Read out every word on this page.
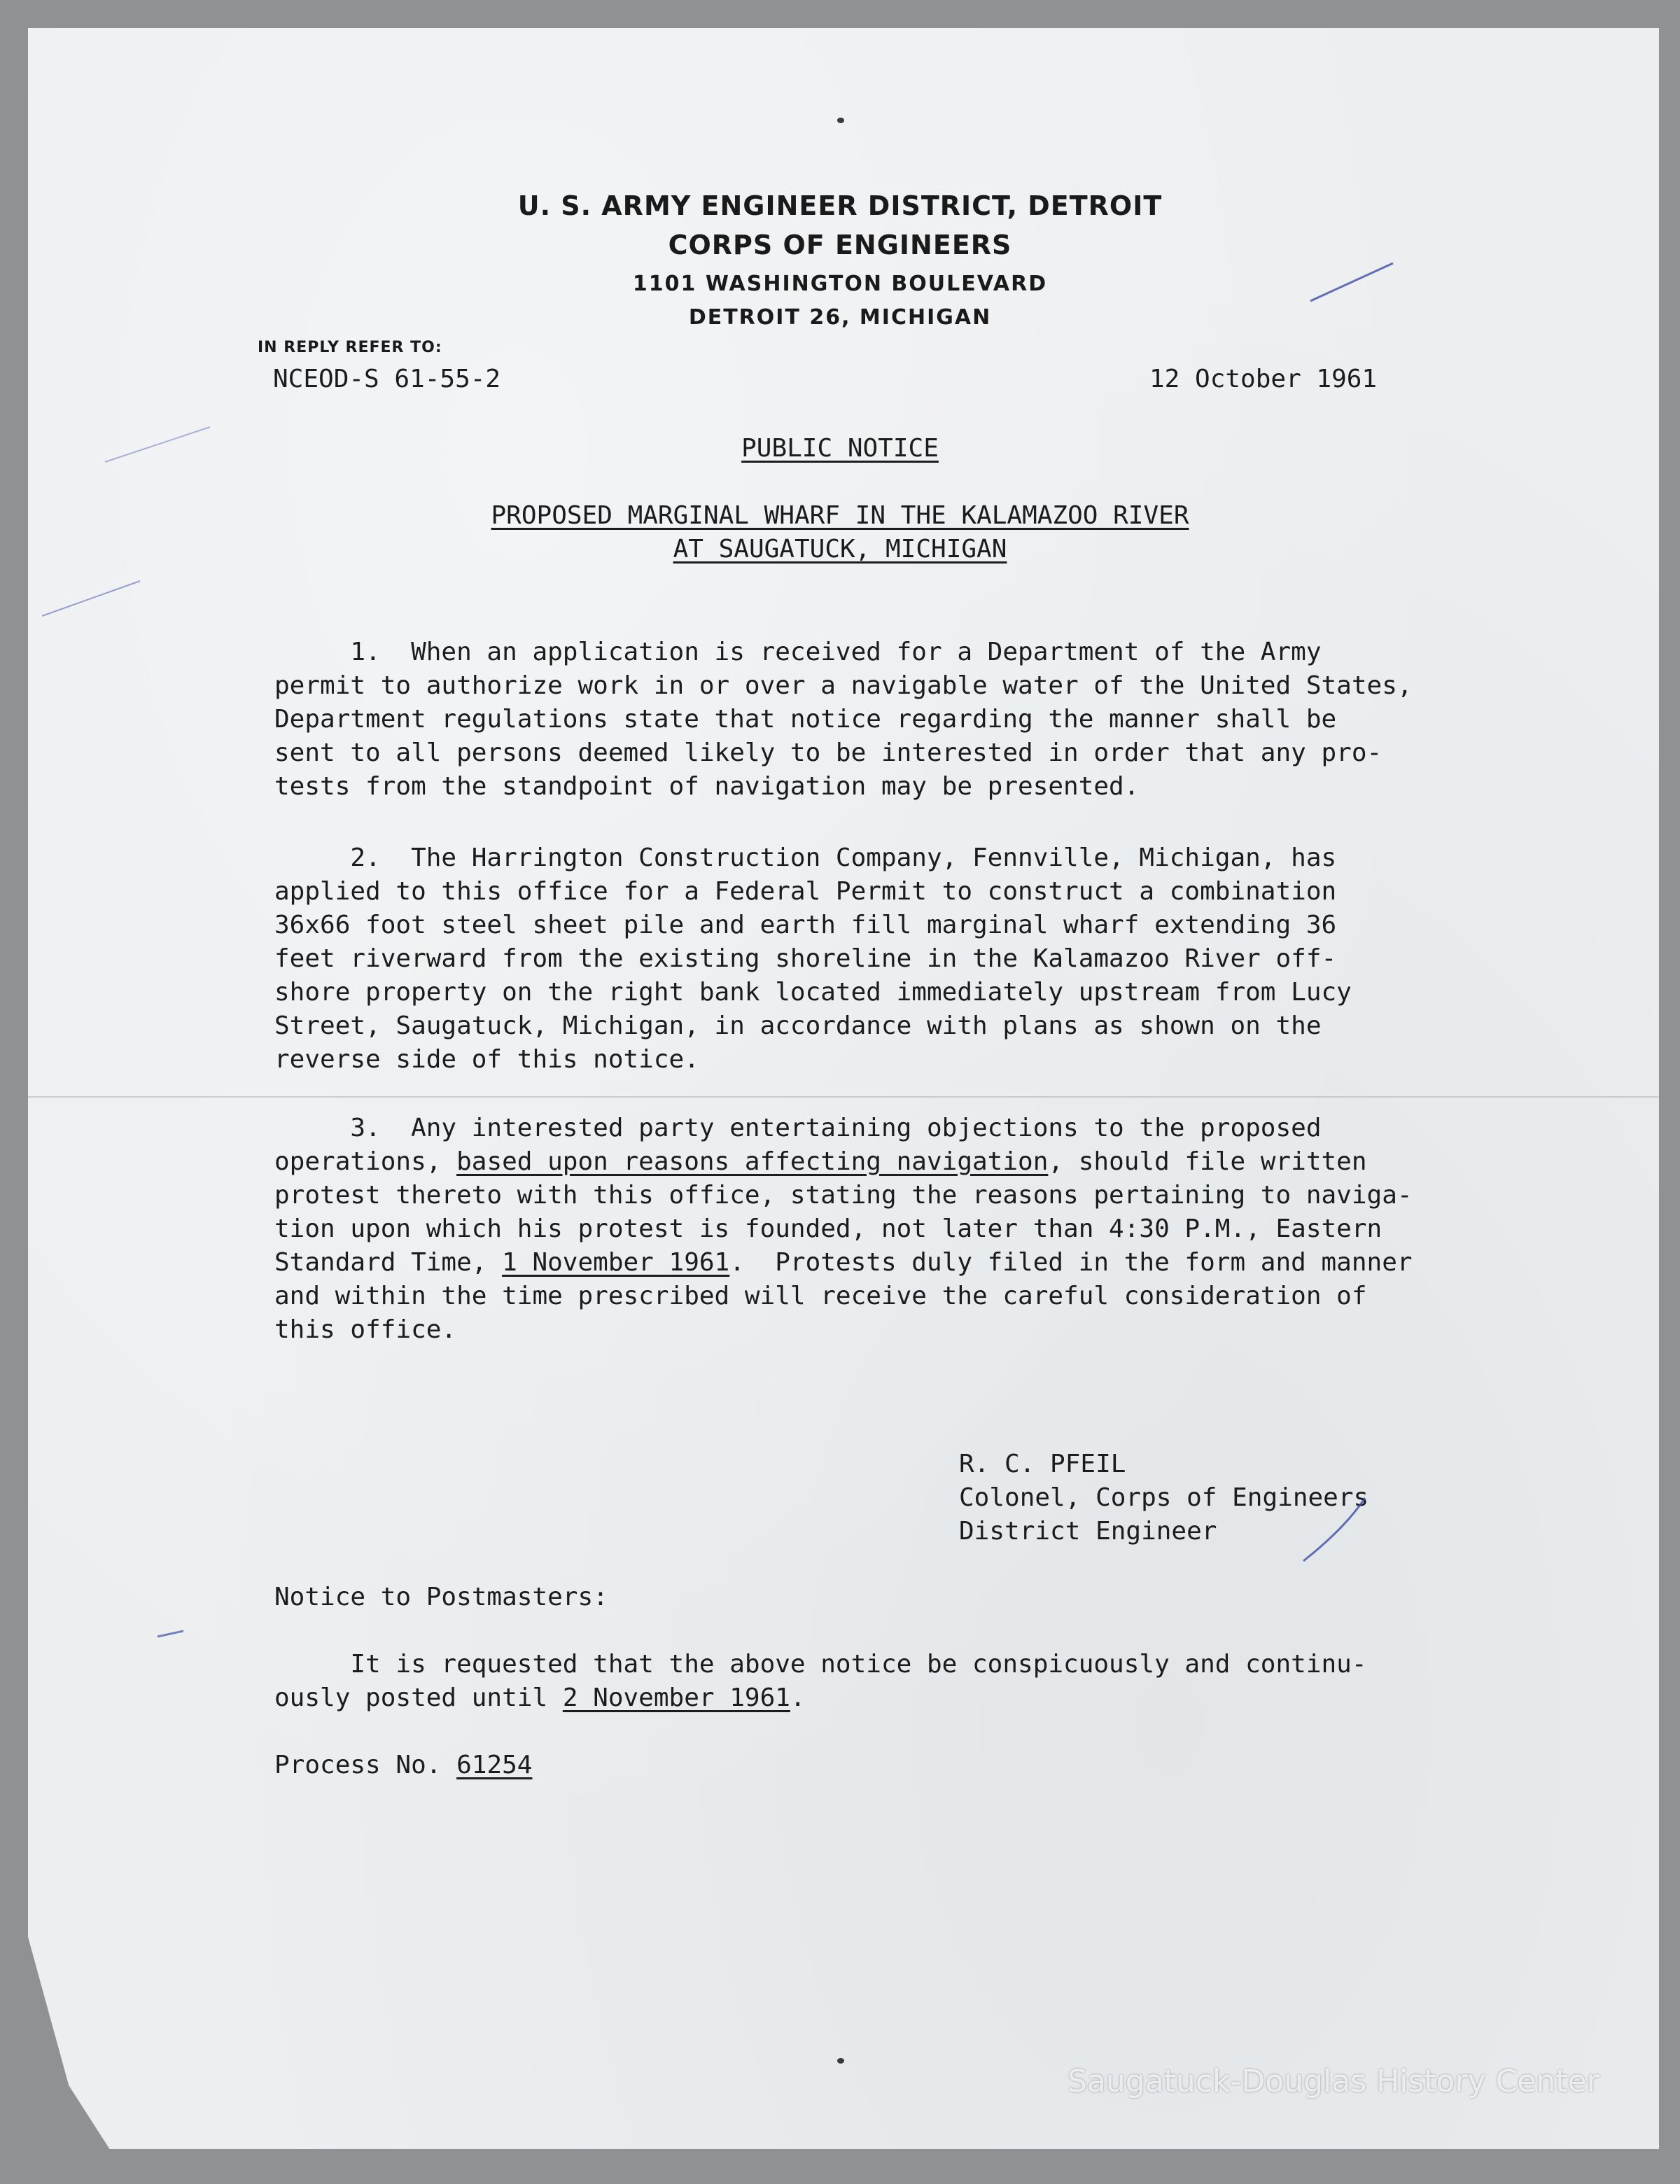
U. S. ARMY ENGINEER DISTRICT, DETROIT
CORPS OF ENGINEERS
1101 WASHINGTON BOULEVARD
DETROIT 26, MICHIGAN
IN REPLY REFER TO:
NCEOD-S 61-55-2	12 October 1961
PUBLIC NOTICE
PROPOSED MARGINAL WHARF IN THE KALAMAZOO RIVER
AT SAUGATUCK, MICHIGAN
1.  When an application is received for a Department of the Army
permit to authorize work in or over a navigable water of the United States,
Department regulations state that notice regarding the manner shall be
sent to all persons deemed likely to be interested in order that any pro-
tests from the standpoint of navigation may be presented.
2.  The Harrington Construction Company, Fennville, Michigan, has
applied to this office for a Federal Permit to construct a combination
36x66 foot steel sheet pile and earth fill marginal wharf extending 36
feet riverward from the existing shoreline in the Kalamazoo River off-
shore property on the right bank located immediately upstream from Lucy
Street, Saugatuck, Michigan, in accordance with plans as shown on the
reverse side of this notice.
3.  Any interested party entertaining objections to the proposed
operations, based upon reasons affecting navigation, should file written
protest thereto with this office, stating the reasons pertaining to naviga-
tion upon which his protest is founded, not later than 4:30 P.M., Eastern
Standard Time, 1 November 1961.  Protests duly filed in the form and manner
and within the time prescribed will receive the careful consideration of
this office.
R. C. PFEIL
Colonel, Corps of Engineers
District Engineer
Notice to Postmasters:
It is requested that the above notice be conspicuously and continu-
ously posted until 2 November 1961.
Process No. 61254
Saugatuck-Douglas History Center
